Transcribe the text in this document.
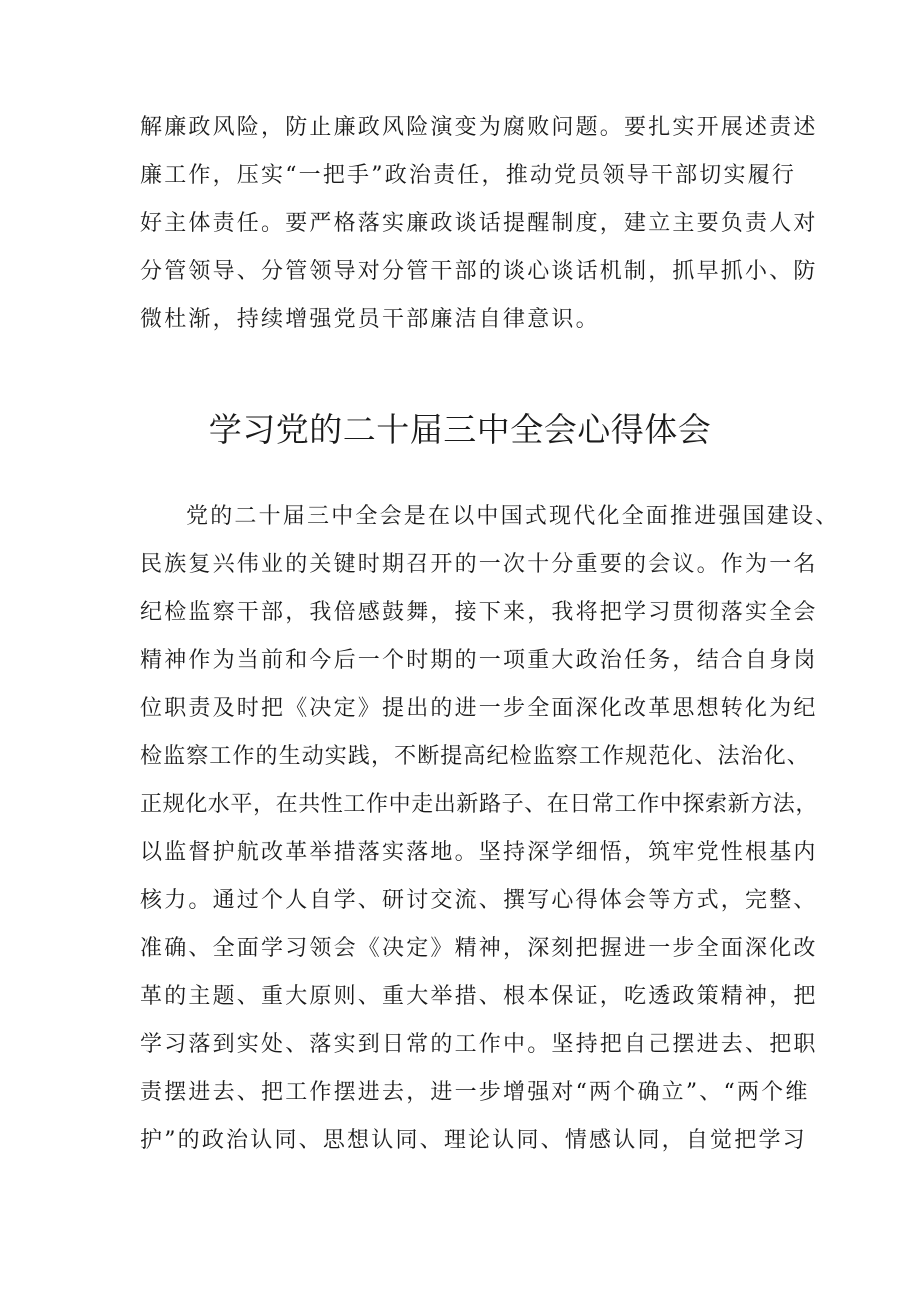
解廉政风险，防止廉政风险演变为腐败问题。要扎实开展述责述
廉工作，压实“一把手”政治责任，推动党员领导干部切实履行
好主体责任。要严格落实廉政谈话提醒制度，建立主要负责人对
分管领导、分管领导对分管干部的谈心谈话机制，抓早抓小、防
微杜渐，持续增强党员干部廉洁自律意识。
学习党的二十届三中全会心得体会
党的二十届三中全会是在以中国式现代化全面推进强国建设、
民族复兴伟业的关键时期召开的一次十分重要的会议。作为一名
纪检监察干部，我倍感鼓舞，接下来，我将把学习贯彻落实全会
精神作为当前和今后一个时期的一项重大政治任务，结合自身岗
位职责及时把《决定》提出的进一步全面深化改革思想转化为纪
检监察工作的生动实践，不断提高纪检监察工作规范化、法治化、
正规化水平，在共性工作中走出新路子、在日常工作中探索新方法，
以监督护航改革举措落实落地。坚持深学细悟，筑牢党性根基内
核力。通过个人自学、研讨交流、撰写心得体会等方式，完整、
准确、全面学习领会《决定》精神，深刻把握进一步全面深化改
革的主题、重大原则、重大举措、根本保证，吃透政策精神，把
学习落到实处、落实到日常的工作中。坚持把自己摆进去、把职
责摆进去、把工作摆进去，进一步增强对“两个确立”、“两个维
护”的政治认同、思想认同、理论认同、情感认同，自觉把学习
